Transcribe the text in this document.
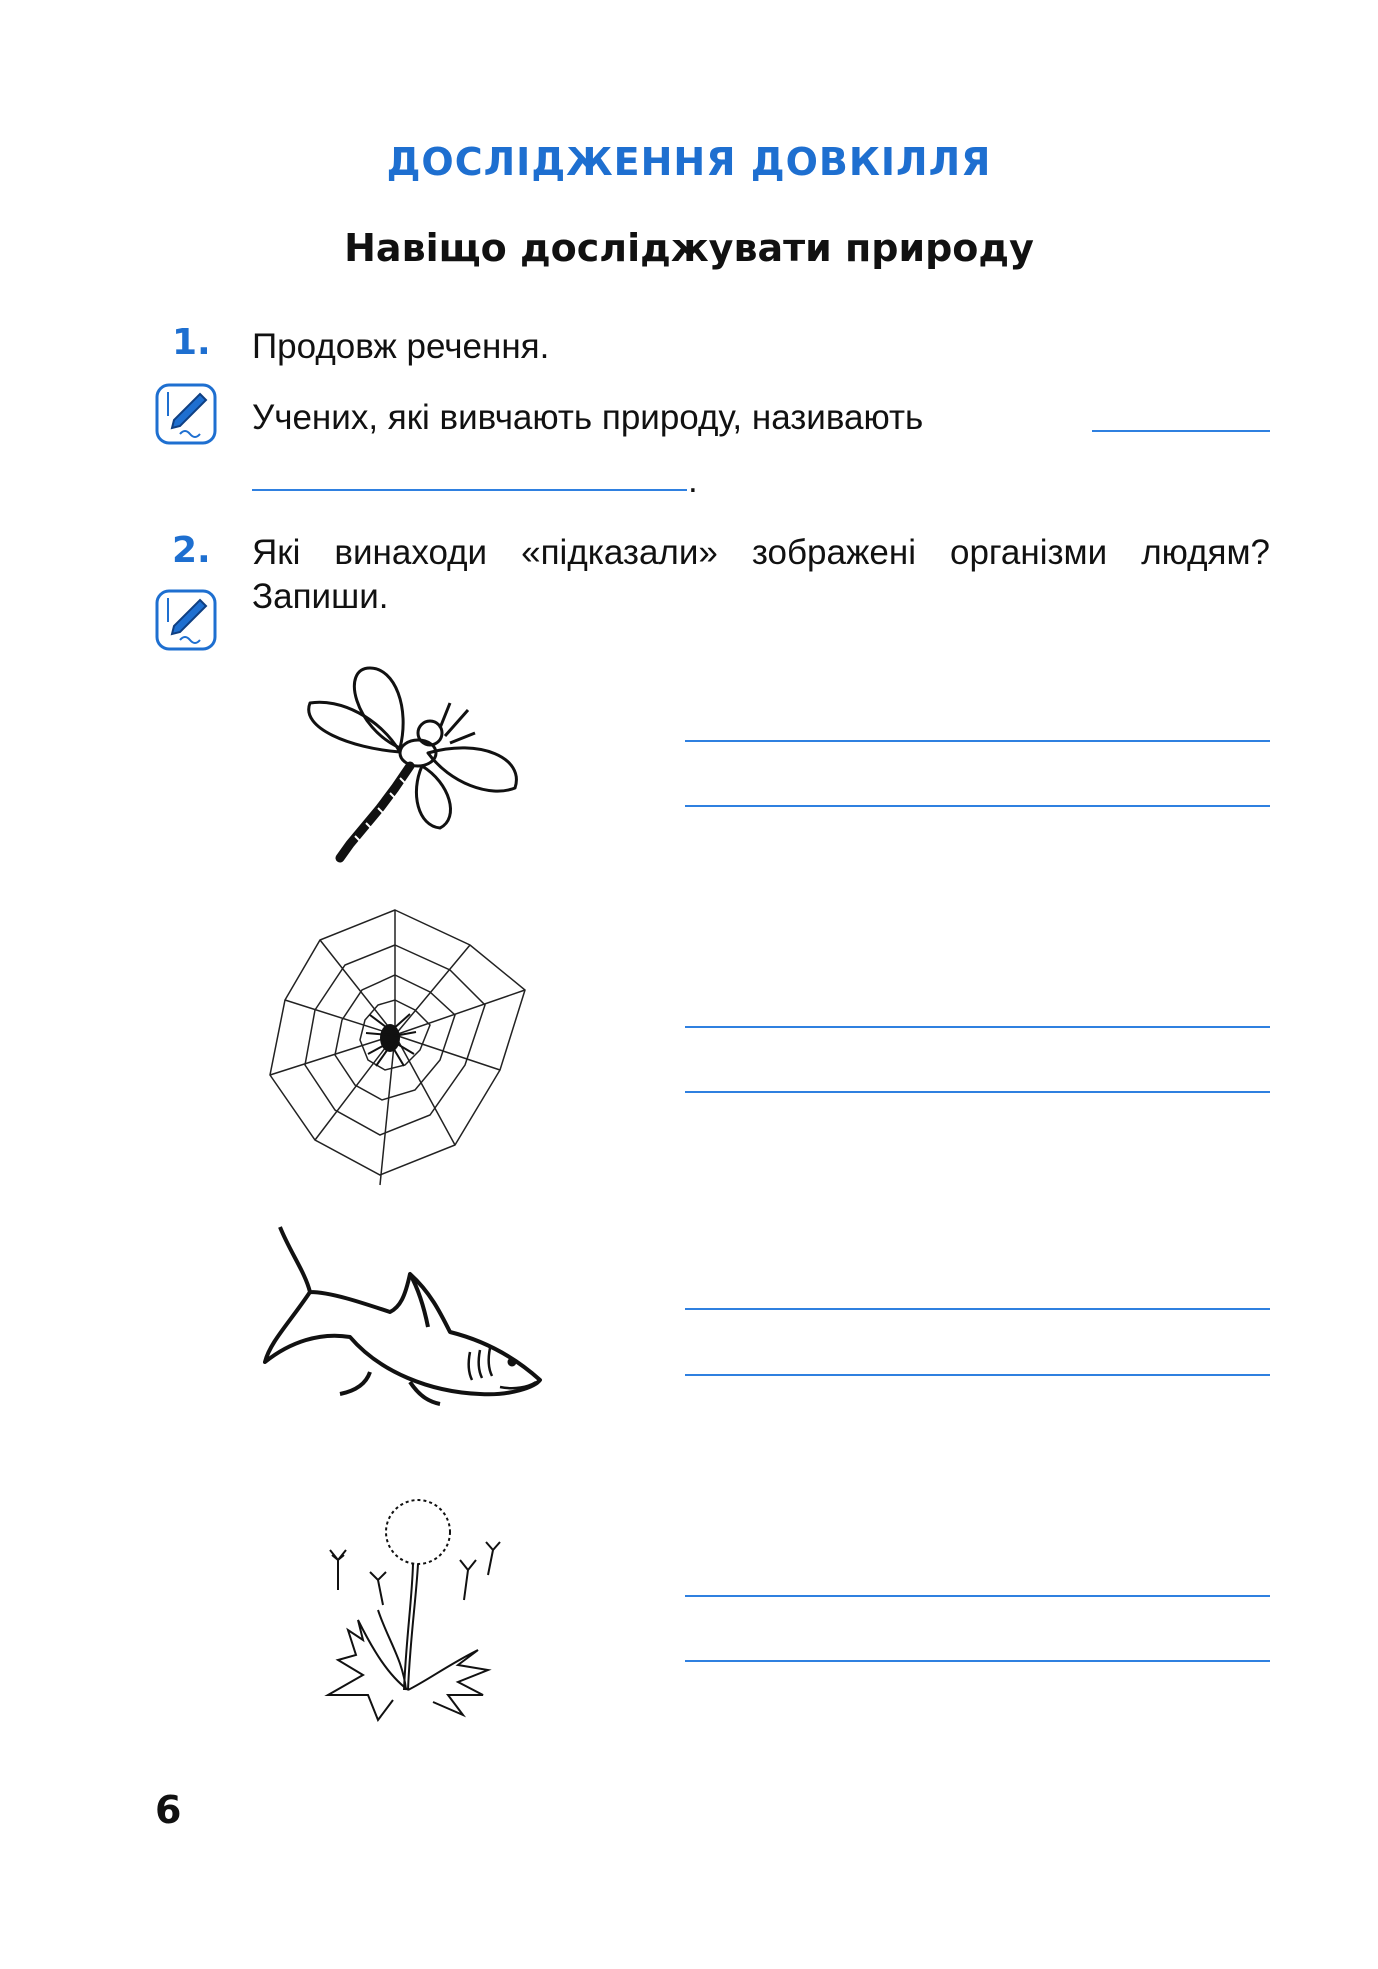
ДОСЛІДЖЕННЯ ДОВКІЛЛЯ
Навіщо досліджувати природу
1. Продовж речення.
Учених, які вивчають природу, називають
.
2. Які винаходи «підказали» зображені організми людям? Запиши.
6
